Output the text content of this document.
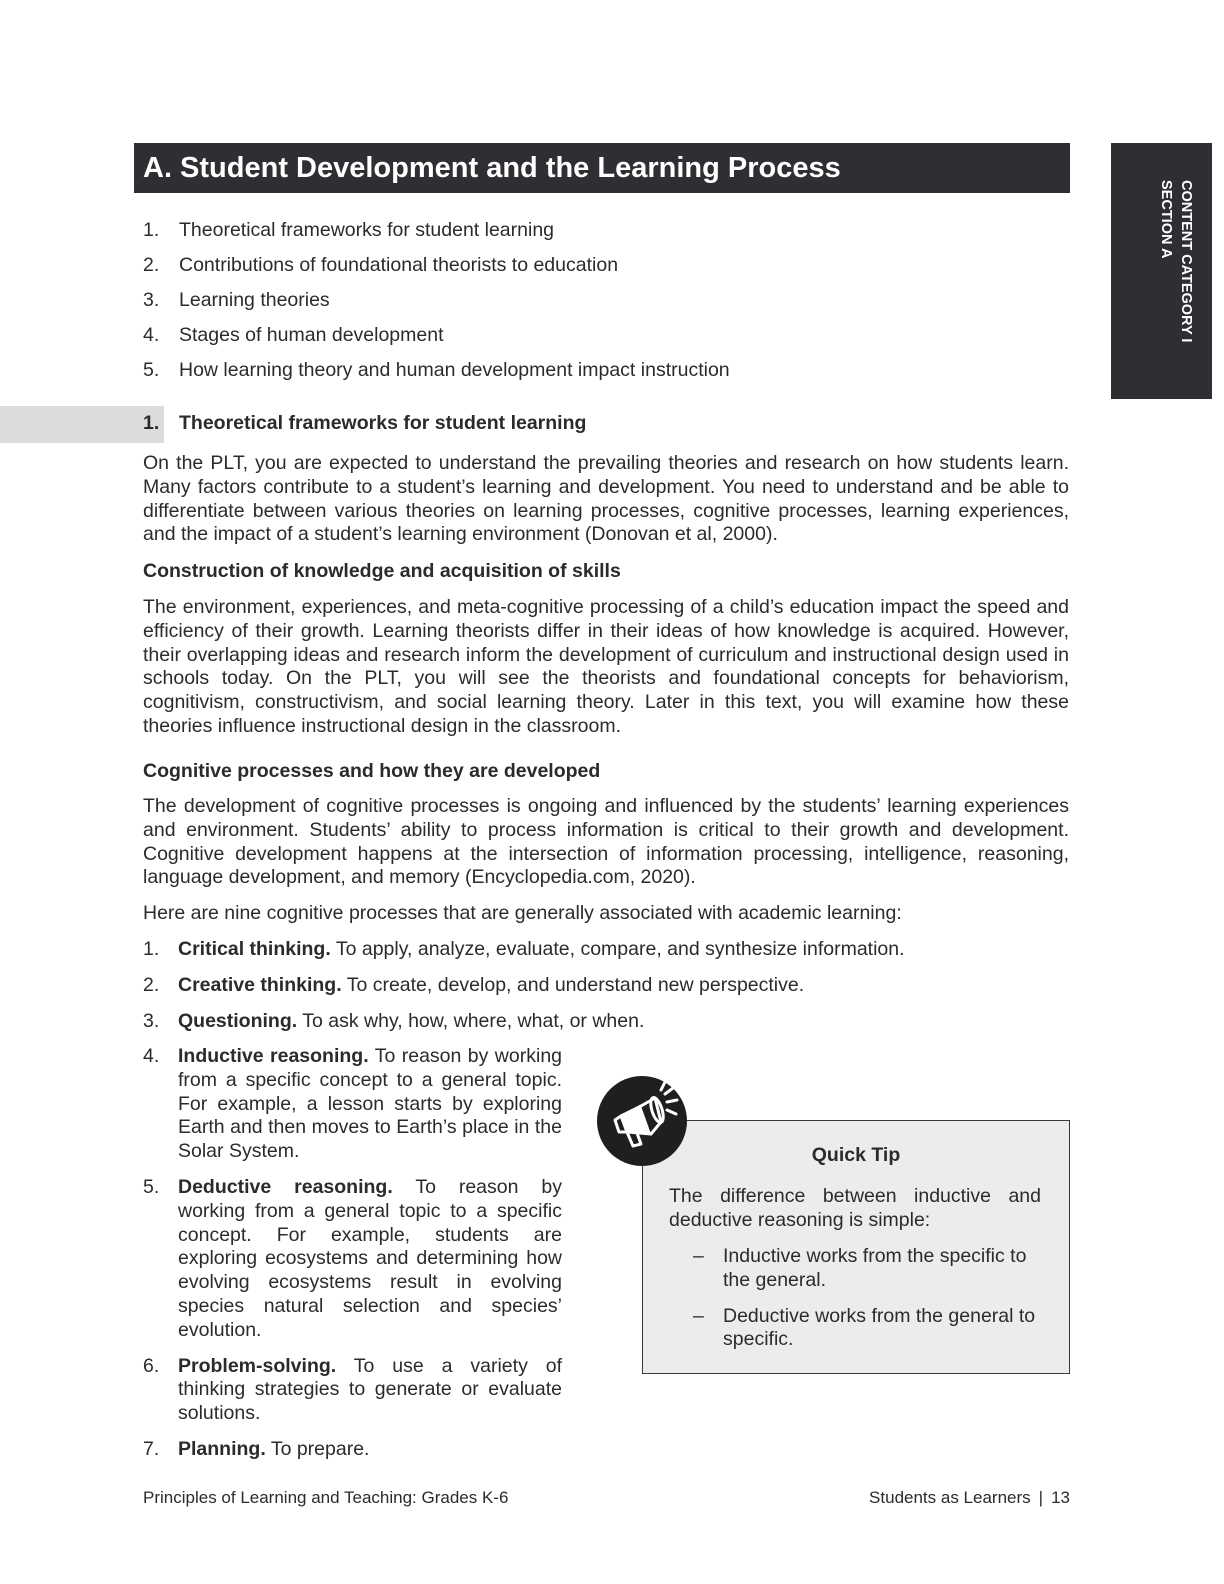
A. Student Development and the Learning Process
CONTENT CATEGORY I
SECTION A
1. Theoretical frameworks for student learning
2. Contributions of foundational theorists to education
3. Learning theories
4. Stages of human development
5. How learning theory and human development impact instruction
1. Theoretical frameworks for student learning

On the PLT, you are expected to understand the prevailing theories and research on how students learn. Many factors contribute to a student’s learning and development. You need to understand and be able to differentiate between various theories on learning processes, cognitive processes, learning experiences, and the impact of a student’s learning environment (Donovan et al, 2000).

Construction of knowledge and acquisition of skills

The environment, experiences, and meta-cognitive processing of a child’s education impact the speed and efficiency of their growth. Learning theorists differ in their ideas of how knowledge is acquired. However, their overlapping ideas and research inform the development of curriculum and instructional design used in schools today. On the PLT, you will see the theorists and foundational concepts for behaviorism, cognitivism, constructivism, and social learning theory. Later in this text, you will examine how these theories influence instructional design in the classroom.

Cognitive processes and how they are developed

The development of cognitive processes is ongoing and influenced by the students’ learning experiences and environment. Students’ ability to process information is critical to their growth and development. Cognitive development happens at the intersection of information processing, intelligence, reasoning, language development, and memory (Encyclopedia.com, 2020).

Here are nine cognitive processes that are generally associated with academic learning:

1. Critical thinking. To apply, analyze, evaluate, compare, and synthesize information.
2. Creative thinking. To create, develop, and understand new perspective.
3. Questioning. To ask why, how, where, what, or when.
4. Inductive reasoning. To reason by working from a specific concept to a general topic. For example, a lesson starts by exploring Earth and then moves to Earth’s place in the Solar System.
5. Deductive reasoning. To reason by working from a general topic to a specific concept. For example, students are exploring ecosystems and determining how evolving ecosystems result in evolving species natural selection and species’ evolution.
6. Problem-solving. To use a variety of thinking strategies to generate or evaluate solutions.
7. Planning. To prepare.
Quick Tip

The difference between inductive and deductive reasoning is simple:

– Inductive works from the specific to the general.
– Deductive works from the general to specific.
Principles of Learning and Teaching: Grades K-6	Students as Learners | 13
